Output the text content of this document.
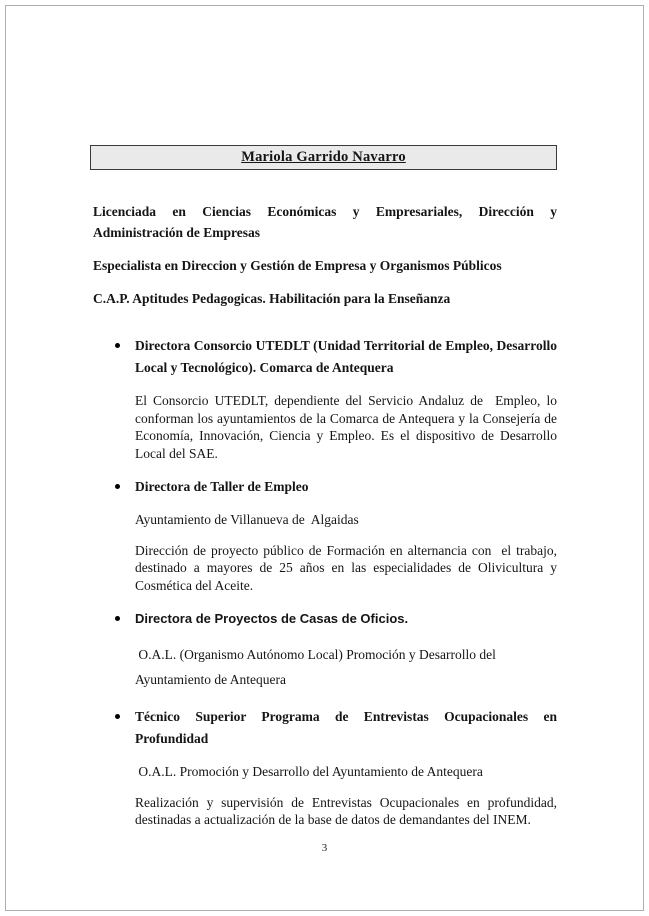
Mariola Garrido Navarro

Licenciada en Ciencias Económicas y Empresariales, Dirección y Administración de Empresas

Especialista en Direccion y Gestión de Empresa y Organismos Públicos

C.A.P. Aptitudes Pedagogicas. Habilitación para la Enseñanza

Directora Consorcio UTEDLT (Unidad Territorial de Empleo, Desarrollo Local y Tecnológico). Comarca de Antequera

El Consorcio UTEDLT, dependiente del Servicio Andaluz de  Empleo, lo conforman los ayuntamientos de la Comarca de Antequera y la Consejería de Economía, Innovación, Ciencia y Empleo. Es el dispositivo de Desarrollo Local del SAE.

Directora de Taller de Empleo

Ayuntamiento de Villanueva de  Algaidas

Dirección de proyecto público de Formación en alternancia con  el trabajo, destinado a mayores de 25 años en las especialidades de Olivicultura y Cosmética del Aceite.

Directora de Proyectos de Casas de Oficios.

O.A.L. (Organismo Autónomo Local) Promoción y Desarrollo del Ayuntamiento de Antequera

Técnico Superior Programa de Entrevistas Ocupacionales en Profundidad

O.A.L. Promoción y Desarrollo del Ayuntamiento de Antequera

Realización y supervisión de Entrevistas Ocupacionales en profundidad, destinadas a actualización de la base de datos de demandantes del INEM.

3
